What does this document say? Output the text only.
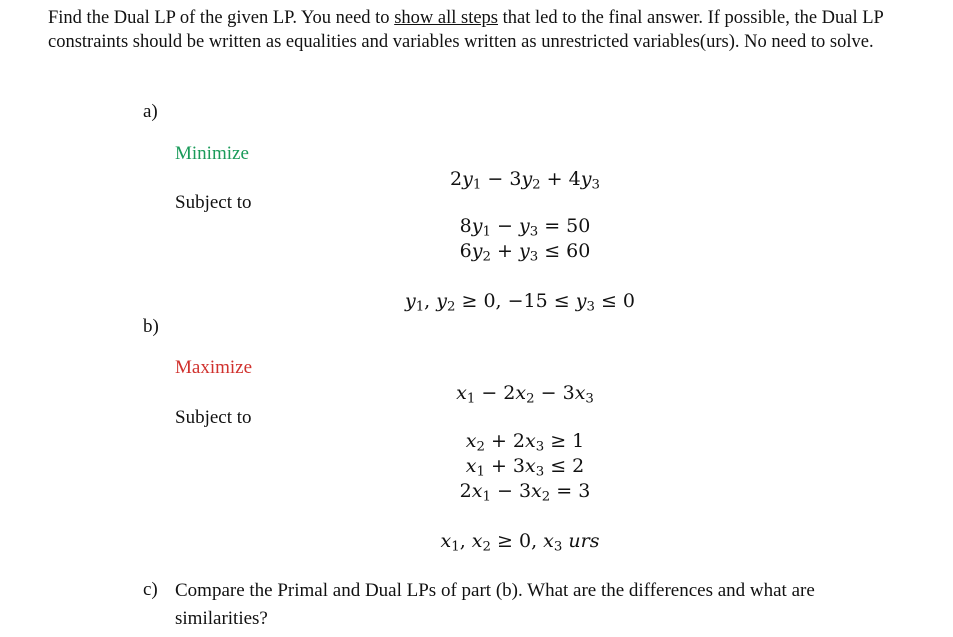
Find the Dual LP of the given LP. You need to show all steps that led to the final answer. If possible, the Dual LP constraints should be written as equalities and variables written as unrestricted variables(urs). No need to solve.
a)
Minimize
$2y_1 - 3y_2 + 4y_3$
Subject to
$8y_1 - y_3 = 50$
$6y_2 + y_3 \le 60$
$y_1$, $y_2 \ge 0$, $-15 \le y_3 \le 0$
b)
Maximize
$x_1 - 2x_2 - 3x_3$
Subject to
$x_2 + 2x_3 \ge 1$
$x_1 + 3x_3 \le 2$
$2x_1 - 3x_2 = 3$
$x_1$, $x_2 \ge 0$, $x_3$ urs
c) Compare the Primal and Dual LPs of part (b). What are the differences and what are similarities?
